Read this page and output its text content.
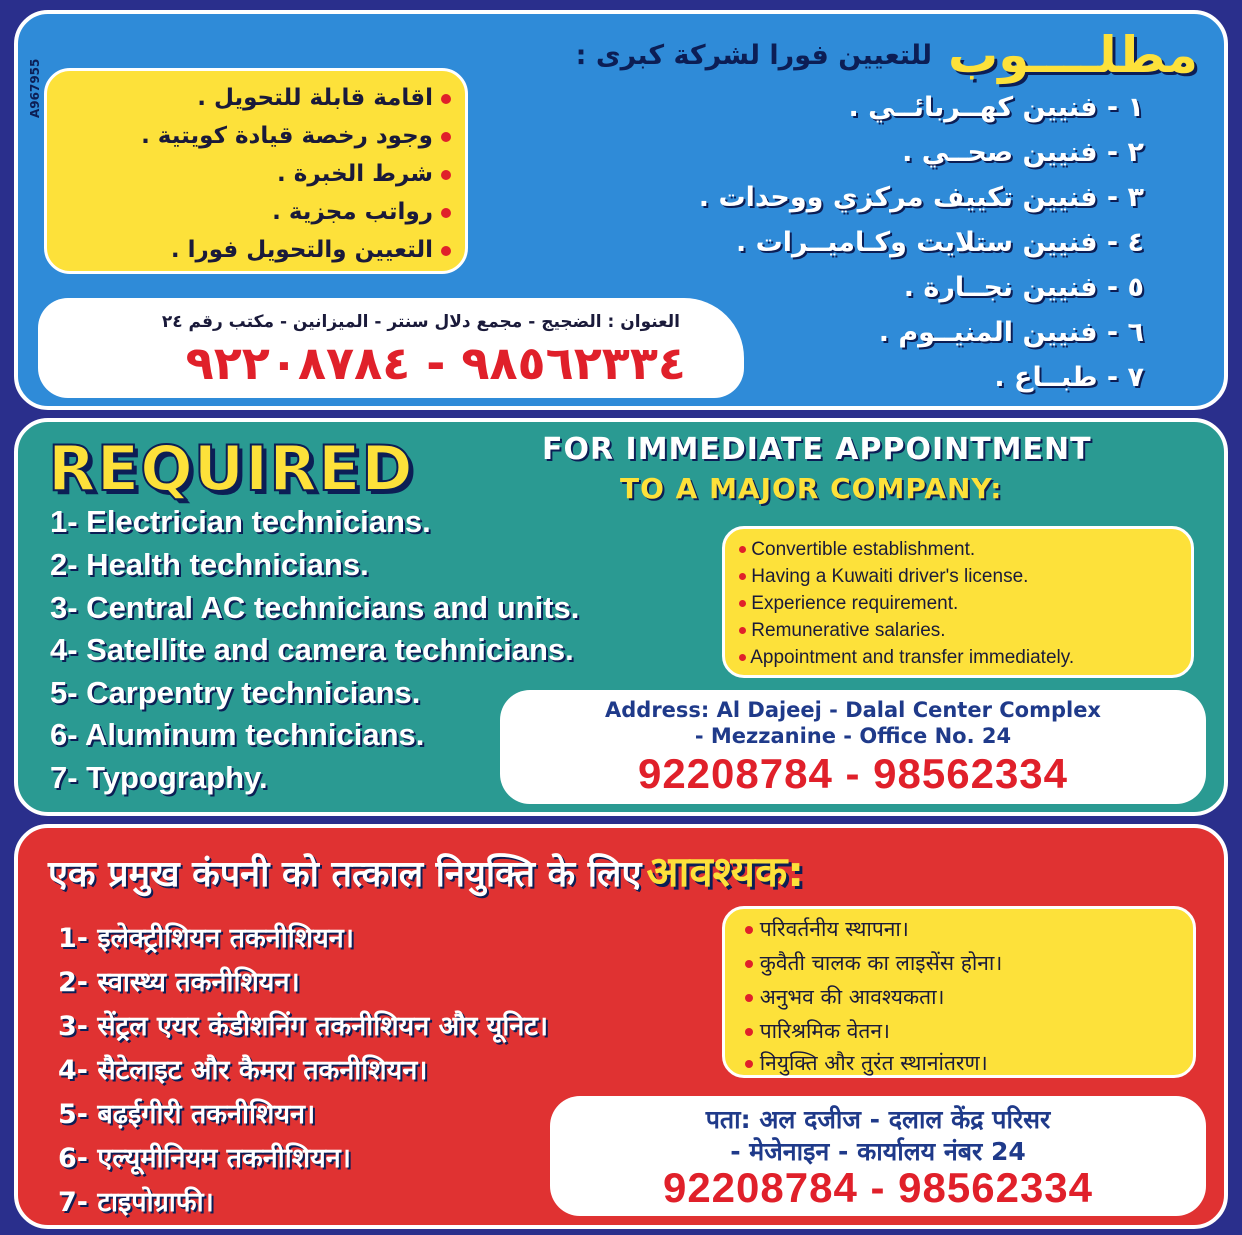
A967955
مطلــــوب
للتعيين فورا لشركة كبرى :
١ - فنيين كهــربائــي .
٢ - فنيين صحــي .
٣ - فنيين تكييف مركزي ووحدات .
٤ - فنيين ستلايت وكـاميــرات .
٥ - فنيين نجــارة .
٦ - فنيين المنيــوم .
٧ - طبــاع .
اقامة قابلة للتحويل .
وجود رخصة قيادة كويتية .
شرط الخبرة .
رواتب مجزية .
التعيين والتحويل فورا .
العنوان : الضجيج - مجمع دلال سنتر - الميزانين - مكتب رقم ٢٤
٩٨٥٦٢٣٣٤ - ٩٢٢٠٨٧٨٤
REQUIRED	FOR IMMEDIATE APPOINTMENT
TO A MAJOR COMPANY:
1- Electrician technicians.
2- Health technicians.
3- Central AC technicians and units.
4- Satellite and camera technicians.
5- Carpentry technicians.
6- Aluminum technicians.
7- Typography.
Convertible establishment.
Having a Kuwaiti driver's license.
Experience requirement.
Remunerative salaries.
Appointment and transfer immediately.
Address: Al Dajeej - Dalal Center Complex
- Mezzanine - Office No. 24
92208784 - 98562334
एक प्रमुख कंपनी को तत्काल नियुक्ति के लिए आवश्यक:
1- इलेक्ट्रीशियन तकनीशियन।
2- स्वास्थ्य तकनीशियन।
3- सेंट्रल एयर कंडीशनिंग तकनीशियन और यूनिट।
4- सैटेलाइट और कैमरा तकनीशियन।
5- बढ़ईगीरी तकनीशियन।
6- एल्यूमीनियम तकनीशियन।
7- टाइपोग्राफी।
परिवर्तनीय स्थापना।
कुवैती चालक का लाइसेंस होना।
अनुभव की आवश्यकता।
पारिश्रमिक वेतन।
नियुक्ति और तुरंत स्थानांतरण।
पता: अल दजीज - दलाल केंद्र परिसर
- मेजेनाइन - कार्यालय नंबर 24
92208784 - 98562334
